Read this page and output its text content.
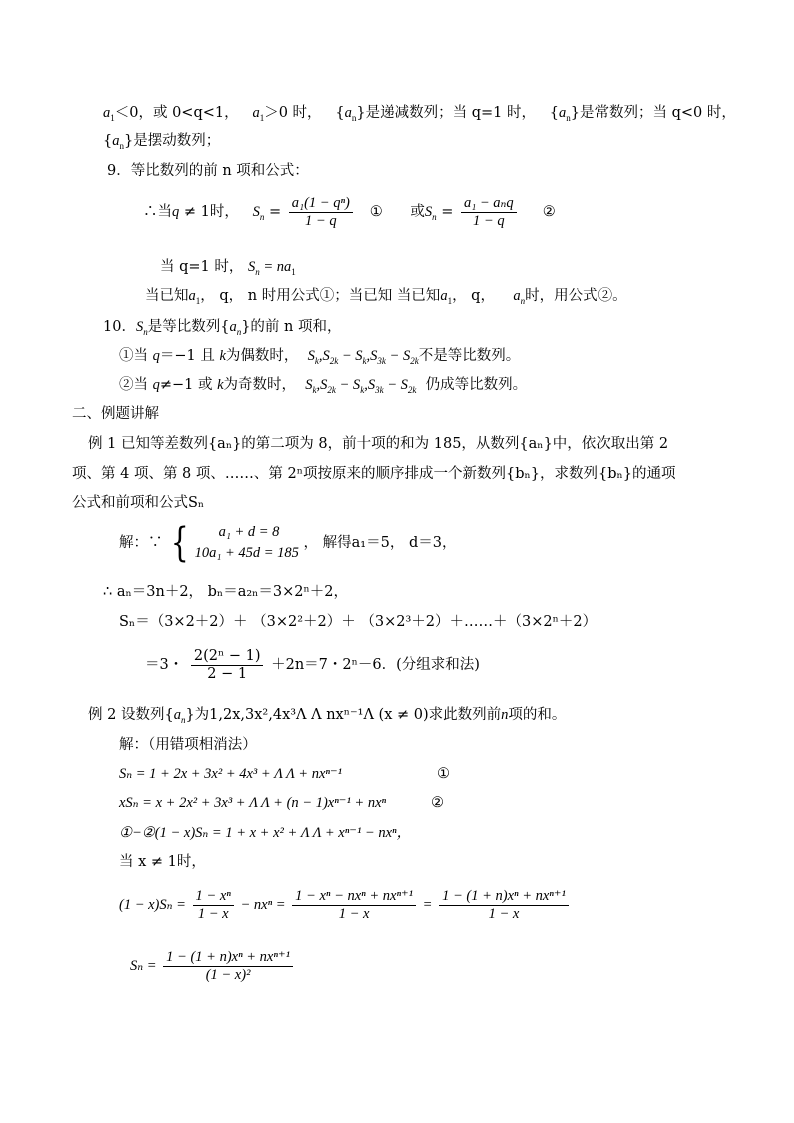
$a_1<0$，或 0<q<1， $a_1>0$ 时， $\{a_n\}$是递减数列；当 q=1 时， $\{a_n\}$是常数列；当 q<0 时，
$\{a_n\}$是摆动数列；
9．等比数列的前 n 项和公式：
∴当q ≠ 1时， $S_n = \frac{\text{a₁(1 − qⁿ)}}{1 - q}$ ① 或$S_n = \frac{\text{a₁ − aₙq}}{1 - q}$ ②
当 q=1 时， $S_n = na_1$
当已知$a_1$， q， n 时用公式①；当已知 当已知$a_1$， q， $a_n$时，用公式②。
10．$S_n$是等比数列$\{a_n\}$的前 n 项和，
①当 q＝−1 且 k为偶数时， $S_k,S_{2k} - S_k,S_{3k} - S_{2k}$不是等比数列。
②当 q≠−1 或 k为奇数时， $S_k,S_{2k} - S_k,S_{3k} - S_{2k}$ 仍成等比数列。
二、例题讲解
例 1 已知等差数列{aₙ}的第二项为 8，前十项的和为 185，从数列{aₙ}中，依次取出第 2
项、第 4 项、第 8 项、……、第 2ⁿ项按原来的顺序排成一个新数列{bₙ}，求数列{bₙ}的通项
公式和前项和公式Sₙ
解：∵ {	a₁ + d = 8
10a₁ + 45d = 185
， 解得a₁＝5， d＝3，
∴ aₙ＝3n＋2， bₙ＝a₂ₙ＝3×2ⁿ＋2，
Sₙ＝（3×2＋2）＋ （3×2²＋2）＋ （3×2³＋2）＋……＋（3×2ⁿ＋2）
＝3・ $\frac{\text{2(2ⁿ − 1)}}{2 - 1} +2n=7$・2ⁿ－6．(分组求和法)
例 2 设数列$\{a_n\}$为1,2x,3x²,4x³Λ Λ nxⁿ⁻¹Λ (x ≠ 0)求此数列前n项的和。
解：（用错项相消法）
Sₙ = 1 + 2x + 3x² + 4x³ + Λ Λ + nxⁿ⁻¹	①
xSₙ = x + 2x² + 3x³ + Λ Λ + (n − 1)xⁿ⁻¹ + nxⁿ	②
①−②(1 − x)Sₙ = 1 + x + x² + Λ Λ + xⁿ⁻¹ − nxⁿ，
当 x ≠ 1时，
$(1 - x)S_n = \frac{\text{1 − xⁿ}}{1 - x} - nx^n = \frac{\text{1 − xⁿ − nxⁿ + nxⁿ⁺¹}}{1 - x} = \frac{\text{1 − (1 + n)xⁿ + nxⁿ⁺¹}}{1 - x}$
$S_n = \frac{\text{1 − (1 + n)xⁿ + nxⁿ⁺¹}}{\text{(1 − x)²}}$
